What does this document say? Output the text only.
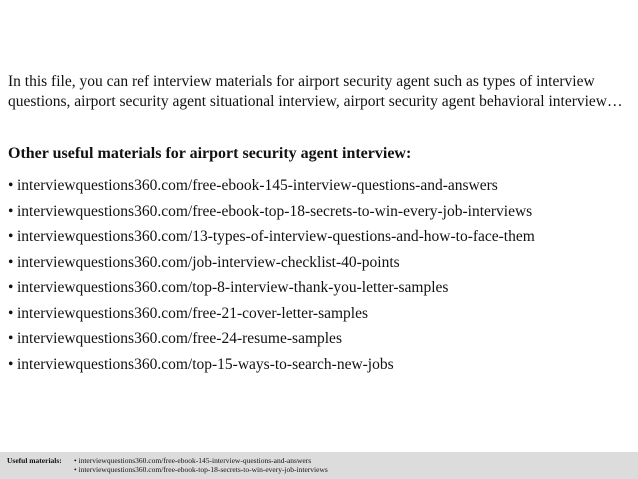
In this file, you can ref interview materials for airport security agent such as types of interview questions, airport security agent situational interview, airport security agent behavioral interview…

Other useful materials for airport security agent interview:

• interviewquestions360.com/free-ebook-145-interview-questions-and-answers
• interviewquestions360.com/free-ebook-top-18-secrets-to-win-every-job-interviews
• interviewquestions360.com/13-types-of-interview-questions-and-how-to-face-them
• interviewquestions360.com/job-interview-checklist-40-points
• interviewquestions360.com/top-8-interview-thank-you-letter-samples
• interviewquestions360.com/free-21-cover-letter-samples
• interviewquestions360.com/free-24-resume-samples
• interviewquestions360.com/top-15-ways-to-search-new-jobs
Useful materials: • interviewquestions360.com/free-ebook-145-interview-questions-and-answers
• interviewquestions360.com/free-ebook-top-18-secrets-to-win-every-job-interviews
